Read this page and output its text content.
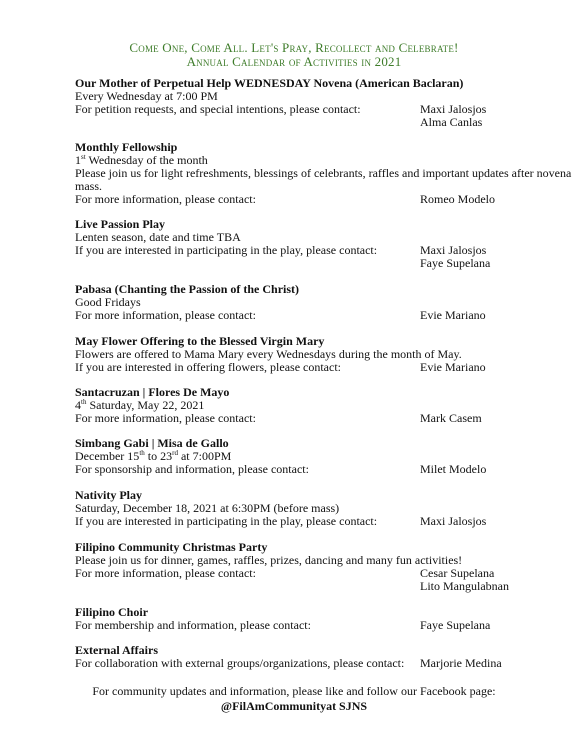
Come One, Come All. Let's Pray, Recollect and Celebrate!
Annual Calendar of Activities in 2021
Our Mother of Perpetual Help WEDNESDAY Novena (American Baclaran)
Every Wednesday at 7:00 PM
For petition requests, and special intentions, please contact:	Maxi Jalosjos
Alma Canlas
Monthly Fellowship
1st Wednesday of the month
Please join us for light refreshments, blessings of celebrants, raffles and important updates after novena mass.
For more information, please contact:	Romeo Modelo
Live Passion Play
Lenten season, date and time TBA
If you are interested in participating in the play, please contact:	Maxi Jalosjos
Faye Supelana
Pabasa (Chanting the Passion of the Christ)
Good Fridays
For more information, please contact:	Evie Mariano
May Flower Offering to the Blessed Virgin Mary
Flowers are offered to Mama Mary every Wednesdays during the month of May.
If you are interested in offering flowers, please contact:	Evie Mariano
Santacruzan | Flores De Mayo
4th Saturday, May 22, 2021
For more information, please contact:	Mark Casem
Simbang Gabi | Misa de Gallo
December 15th to 23rd at 7:00PM
For sponsorship and information, please contact:	Milet Modelo
Nativity Play
Saturday, December 18, 2021 at 6:30PM (before mass)
If you are interested in participating in the play, please contact:	Maxi Jalosjos
Filipino Community Christmas Party
Please join us for dinner, games, raffles, prizes, dancing and many fun activities!
For more information, please contact:	Cesar Supelana
Lito Mangulabnan
Filipino Choir
For membership and information, please contact:	Faye Supelana
External Affairs
For collaboration with external groups/organizations, please contact: Marjorie Medina
For community updates and information, please like and follow our Facebook page:
@FilAmCommunityat SJNS
